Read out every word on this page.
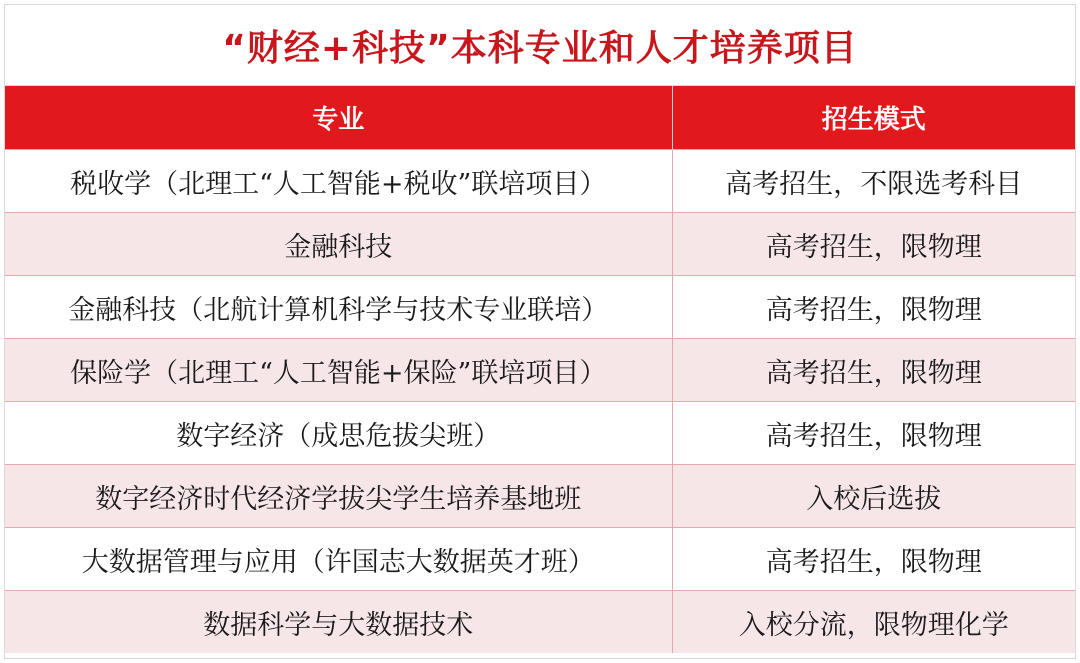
“财经+科技”本科专业和人才培养项目
专业	招生模式
税收学（北理工“人工智能+税收”联培项目）	高考招生，不限选考科目
金融科技	高考招生，限物理
金融科技（北航计算机科学与技术专业联培）	高考招生，限物理
保险学（北理工“人工智能+保险”联培项目）	高考招生，限物理
数字经济（成思危拔尖班）	高考招生，限物理
数字经济时代经济学拔尖学生培养基地班	入校后选拔
大数据管理与应用（许国志大数据英才班）	高考招生，限物理
数据科学与大数据技术	入校分流，限物理化学
